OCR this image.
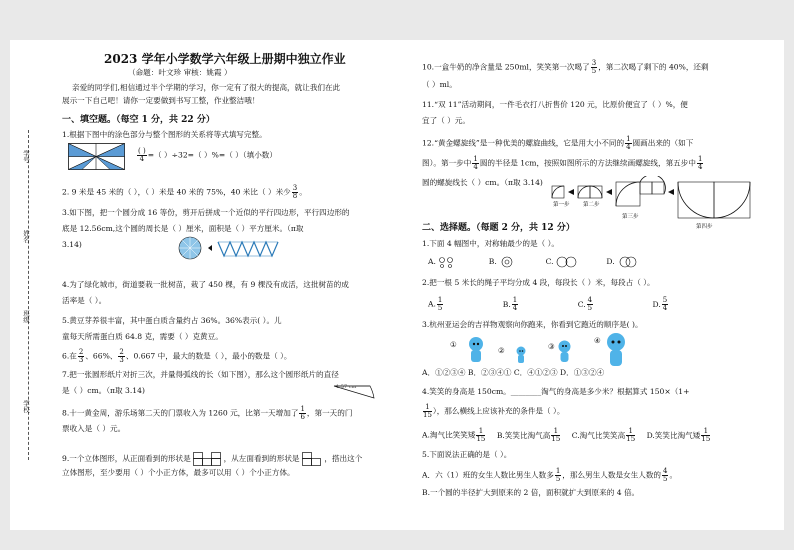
学号
姓名
班级
学校
2023 学年小学数学六年级上册期中独立作业
（命题：叶文珍 审核：姚霞 ）
亲爱的同学们,相信通过半个学期的学习，你一定有了很大的提高，就让我们在此
展示一下自己吧！请你一定要做到书写工整，作业整洁哦！
一、填空题。（每空 1 分，共 22 分）
1.根据下图中的涂色部分与整个图形的关系将等式填写完整。
$\frac{( )}{4}$ =（ ）÷32=（ ）%=（ ）（填小数）
2. 9 米是 45 米的（ ），（ ）米是 40 米的 75%，40 米比（ ）米少 $\frac{3}{8}$ 。
3.如下图，把一个圆分成 16 等份，剪开后拼成一个近似的平行四边形，平行四边形的
底是 12.56cm,这个圆的周长是（ ）厘米，面积是（ ）平方厘米。（π取
3.14)
4.为了绿化城市，街道要栽一批树苗，栽了 450 棵，有 9 棵没有成活，这批树苗的成
活率是（ ）。
5.黄豆芽养很丰富，其中蛋白质含量约占 36%。36%表示( ）。儿
童每天所需蛋白质 64.8 克，需要（ ）克黄豆。
6.在 $\frac{2}{3}$ 、66%、 $\frac{2}{3}$ 、0.667 中，最大的数是（ ），最小的数是（ ）。
7.把一张圆形纸片对折三次，并量得弧线的长（如下图），那么这个圆形纸片的直径
是（ ）cm。（π取 3.14)	1.57 cm
8.十一黄金周，游乐场第二天的门票收入为 1260 元，比第一天增加了 $\frac{1}{6}$ ，第一天的门
票收入是（ ）元。
9.一个立体图形，从正面看到的形状是	，从左面看到的形状是	，搭出这个
立体图形，至少要用（ ）个小正方体，最多可以用（ ）个小正方体。
10.一盒牛奶的净含量是 250ml，笑笑第一次喝了 $\frac{3}{5}$ ，第二次喝了剩下的 40%，还剩
（ ）ml。
11.“双 11”活动期间，一件毛衣打八折售价 120 元，比原价便宜了（ ）%，便
宜了（ ）元。
12.“黄金螺旋线”是一种优美的螺旋曲线，它是用大小不同的 $\frac{1}{4}$ 圆画出来的（如下
图）。第一步中 $\frac{1}{4}$ 圆的半径是 1cm，按照如图所示的方法继续画螺旋线，第五步中 $\frac{1}{4}$
圆的螺旋线长（ ）cm。（π取 3.14)
第一步 第二步
第三步
第四步
二、选择题。（每题 2 分，共 12 分）
1.下面 4 幅图中，对称轴最少的是（ ）。
A.	B.	C.	D.
2.把一根 5 米长的绳子平均分成 4 段，每段长（ ）米，每段占（ ）。
A. $\frac{1}{5}$	B. $\frac{1}{4}$	C. $\frac{4}{5}$	D. $\frac{5}{4}$
3.杭州亚运会的吉祥物观察向你跑来，你看到它跑近的顺序是( )。
①
②	③
④
A．①②③④ B．②③④① C．④①②③ D．①③②④
4.笑笑的身高是 150cm。________淘气的身高是多少米？根据算式 150×（1+
$\frac{1}{15}$ ），那么横线上应该补充的条件是（ ）。
A.淘气比笑笑矮 $\frac{1}{15} B$.笑笑比淘气高 $\frac{1}{15} C$.淘气比笑笑高 $\frac{1}{15} D$.笑笑比淘气矮 $\frac{1}{15}$
5.下面说法正确的是（ ）。
A．六（1）班的女生人数比男生人数多 $\frac{1}{5}$ ，那么男生人数是女生人数的 $\frac{4}{5}$ 。
B.一个圆的半径扩大到原来的 2 倍，面积就扩大到原来的 4 倍。
